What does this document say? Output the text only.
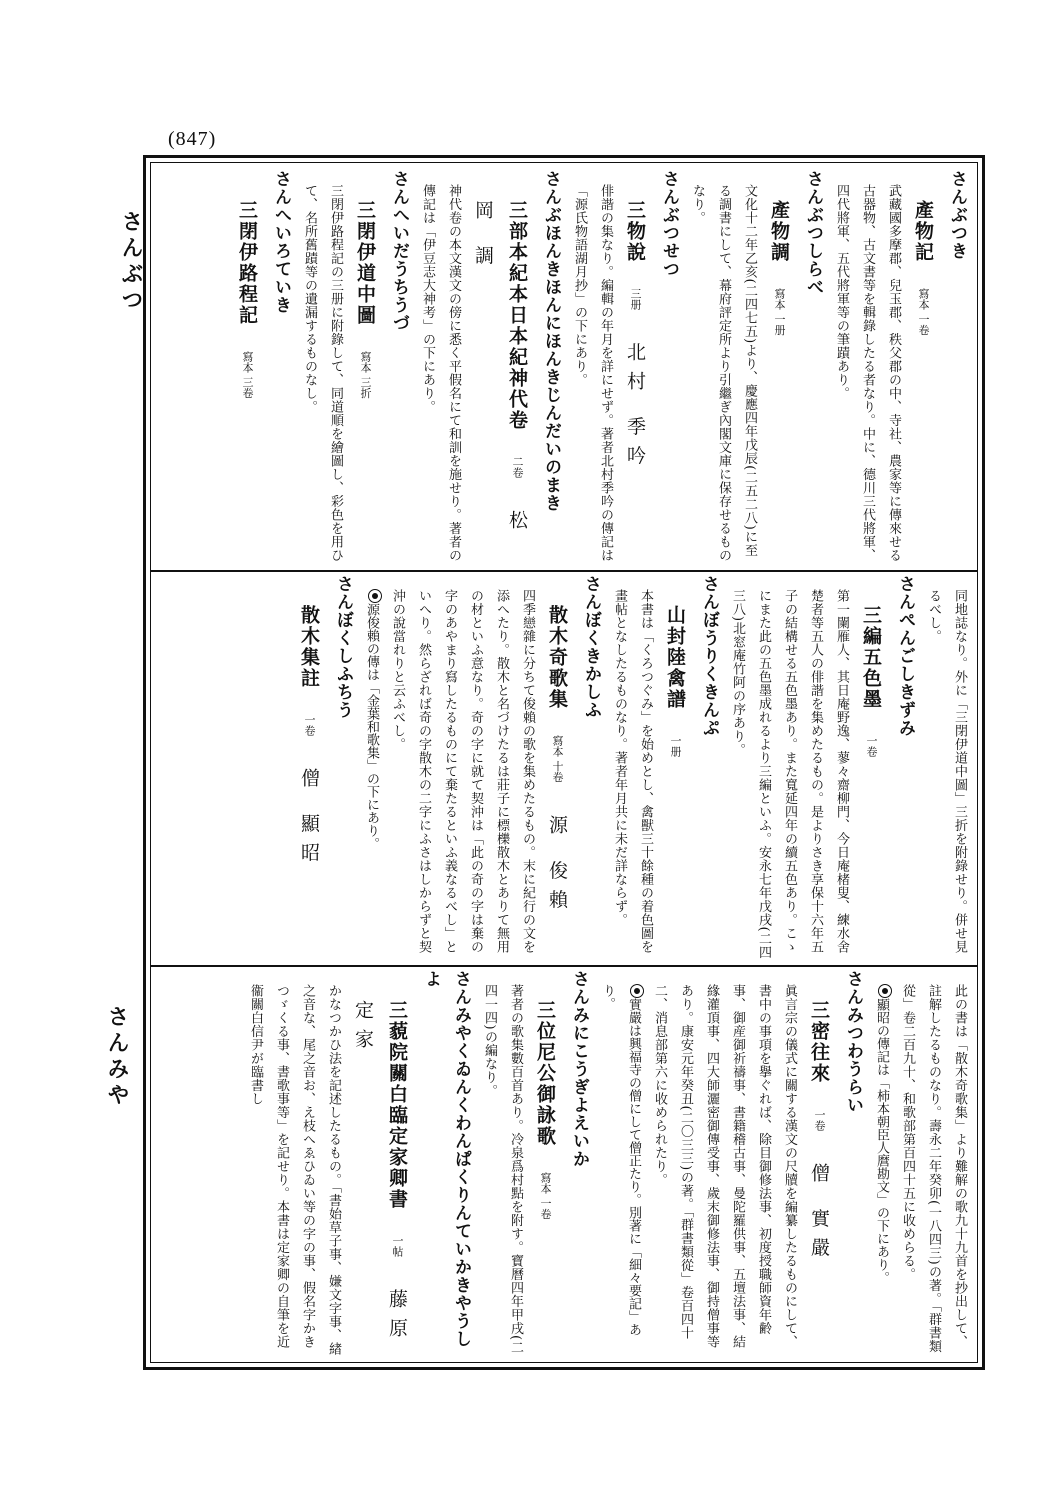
(847)
さんぶつ
さんみや
さんぶつき
產物記 寫本 一卷
武藏國多摩郡、兒玉郡、秩父郡の中、寺社、農家等に傳來せる古器物、古文書等を輯錄したる者なり。中に、德川三代將軍、四代將軍、五代將軍等の筆蹟あり。
さんぶつしらべ
產物調 寫本 一册
文化十二年乙亥(二四七五)より、慶應四年戊辰(二五二八)に至る調書にして、幕府評定所より引繼ぎ內閣文庫に保存せるものなり。
さんぶつせつ
三物說 三册 北村 季吟
俳諧の集なり。編輯の年月を詳にせず。著者北村季吟の傳記は「源氏物語湖月抄」の下にあり。
さんぶほんきほんにほんきじんだいのまき
三部本紀本日本紀神代卷 二卷 松岡 調
神代卷の本文漢文の傍に悉く平假名にて和訓を施せり。著者の傳記は「伊豆志大神考」の下にあり。
さんへいだうちうづ
三閉伊道中圖 寫本 三折
三閉伊路程記の三册に附錄して、同道順を繪圖し、彩色を用ひて、名所舊蹟等の遺漏するものなし。
さんへいろていき
三閉伊路程記 寫本 三卷
同地誌なり。外に「三閉伊道中圖」三折を附錄せり。併せ見るべし。
さんぺんごしきずみ
三編五色墨 一卷
第一闌雁人、其日庵野逸、蓼々齋柳門、今日庵楮叟、練水舍楚者等五人の俳諧を集めたるもの。是よりさき享保十六年五子の結構せる五色墨あり。また寬延四年の續五色あり。こゝにまた此の五色墨成れるより三編といふ。安永七年戊戌(二四三八)北窓庵竹阿の序あり。
さんぼうりくきんぷ
山封陸禽譜 一册
本書は「くろつぐみ」を始めとし、禽獸三十餘種の着色圖を畫帖となしたるものなり。著者年月共に未だ詳ならず。
さんぼくきかしふ
散木奇歌集 寫本 十卷 源 俊賴
四季戀雜に分ちて俊賴の歌を集めたるもの。末に紀行の文を添へたり。散木と名づけたるは莊子に標櫟散木とありて無用の材といふ意なり。奇の字に就て契沖は「此の奇の字は棄の字のあやまり寫したるものにて棄たるといふ義なるべし」といへり。然らざれば奇の字散木の二字にふさはしからずと契沖の說當れりと云ふべし。
源俊賴の傳は「金葉和歌集」の下にあり。
さんぼくしふちう
散木集註 一卷 僧 顯昭
此の書は「散木奇歌集」より難解の歌九十九首を抄出して、註解したるものなり。壽永二年癸卯(一八四三)の著。「群書類從」卷二百九十、和歌部第百四十五に收めらる。
顯昭の傳記は「柿本朝臣人麿勘文」の下にあり。
さんみつわうらい
三密往來 一卷 僧 實嚴
眞言宗の儀式に關する漢文の尺牘を編纂したるものにして、書中の事項を擧ぐれば、除目御修法事、初度授職師資年齢事、御産御祈禱事、書籍稽古事、曼陀羅供事、五壇法事、結緣灌頂事、四大師灑密御傳受事、歲末御修法事、御持僧事等あり。康安元年癸丑(二〇三三)の著。「群書類從」卷百四十二、消息部第六に收められたり。
實嚴は興福寺の僧にして僧正たり。別著に「細々要記」あり。
さんみにこうぎよえいか
三位尼公御詠歌 寫本 一卷
著者の歌集數百首あり。冷泉爲村點を附す。寶曆四年甲戌(二四一四)の編なり。
さんみやくゐんくわんぱくりんていかきやうしよ
三藐院關白臨定家卿書 一帖 藤原 定家
かなつかひ法を記述したるもの。「書始草子事、嫌文字事、緖之音な、尾之音お、え枝へゑひゐい等の字の事、假名字かきつゞくる事、書歌事等」を記せり。本書は定家卿の自筆を近衞關白信尹が臨書し
